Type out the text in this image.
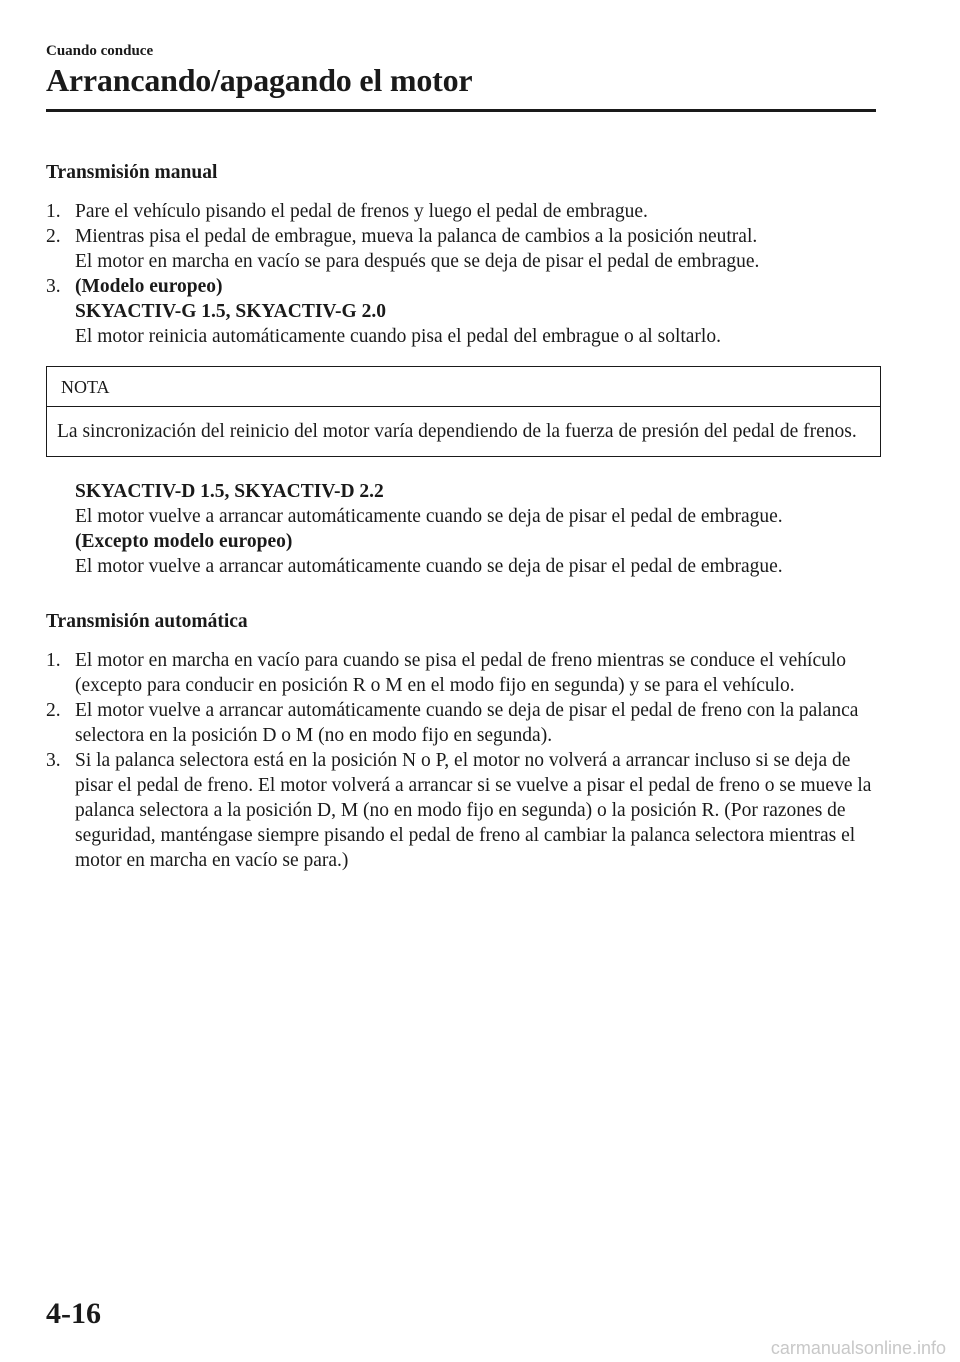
Cuando conduce
Arrancando/apagando el motor
Transmisión manual
1. Pare el vehículo pisando el pedal de frenos y luego el pedal de embrague.
2. Mientras pisa el pedal de embrague, mueva la palanca de cambios a la posición neutral.
El motor en marcha en vacío se para después que se deja de pisar el pedal de embrague.
3. (Modelo europeo)
SKYACTIV-G 1.5, SKYACTIV-G 2.0
El motor reinicia automáticamente cuando pisa el pedal del embrague o al soltarlo.
NOTA
La sincronización del reinicio del motor varía dependiendo de la fuerza de presión del pedal de frenos.
SKYACTIV-D 1.5, SKYACTIV-D 2.2
El motor vuelve a arrancar automáticamente cuando se deja de pisar el pedal de embrague.
(Excepto modelo europeo)
El motor vuelve a arrancar automáticamente cuando se deja de pisar el pedal de embrague.
Transmisión automática
1. El motor en marcha en vacío para cuando se pisa el pedal de freno mientras se conduce el vehículo (excepto para conducir en posición R o M en el modo fijo en segunda) y se para el vehículo.
2. El motor vuelve a arrancar automáticamente cuando se deja de pisar el pedal de freno con la palanca selectora en la posición D o M (no en modo fijo en segunda).
3. Si la palanca selectora está en la posición N o P, el motor no volverá a arrancar incluso si se deja de pisar el pedal de freno. El motor volverá a arrancar si se vuelve a pisar el pedal de freno o se mueve la palanca selectora a la posición D, M (no en modo fijo en segunda) o la posición R. (Por razones de seguridad, manténgase siempre pisando el pedal de freno al cambiar la palanca selectora mientras el motor en marcha en vacío se para.)
4-16
carmanualsonline.info
